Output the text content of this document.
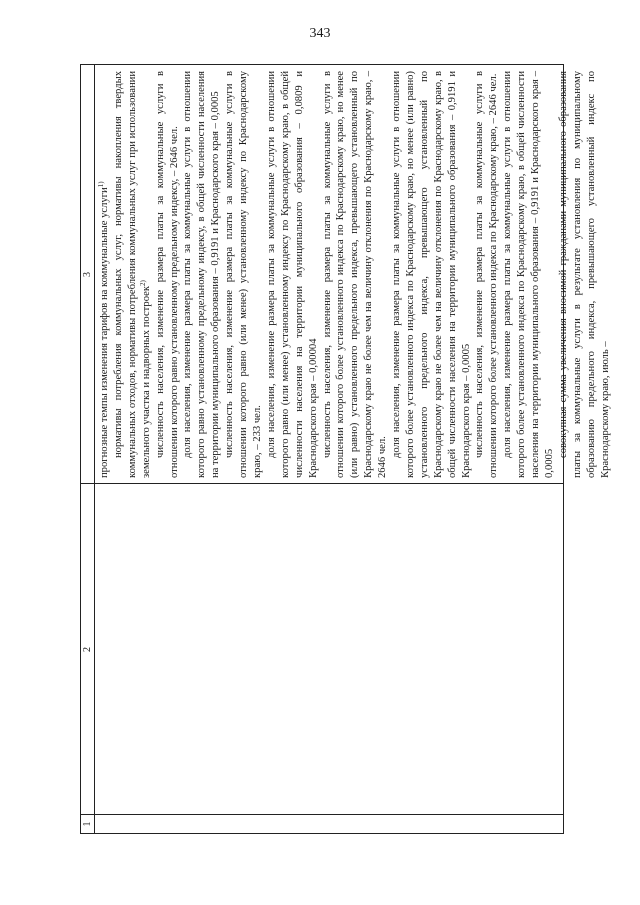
343
1
2
3 прогнозные темпы изменения тарифов на коммунальные услуги$^{1)}$ нормативы потребления коммунальных услуг, нормативы накопления твердых коммунальных отходов, нормативы потребления коммунальных услуг при использовании земельного участка и надворных построек$^{2)}$ численность населения, изменение размера платы за коммунальные услуги в отношении которого равно установленному предельному индексу, – 2646 чел. доля населения, изменение размера платы за коммунальные услуги в отношении которого равно установленному предельному индексу, в общей численности населения на территории муниципального образования – 0,9191 и Краснодарского края – 0,0005 численность населения, изменение размера платы за коммунальные услуги в отношении которого равно (или менее) установленному индексу по Краснодарскому краю, – 233 чел. доля населения, изменение размера платы за коммунальные услуги в отношении которого равно (или менее) установленному индексу по Краснодарскому краю, в общей численности населения на территории муниципального образования – 0,0809 и Краснодарского края – 0,00004 численность населения, изменение размера платы за коммунальные услуги в отношении которого более установленного индекса по Краснодарскому краю, но менее (или равно) установленного предельного индекса, превышающего установленный по Краснодарскому краю не более чем на величину отклонения по Краснодарскому краю, – 2646 чел. доля населения, изменение размера платы за коммунальные услуги в отношении которого более установленного индекса по Краснодарскому краю, но менее (или равно) установленного предельного индекса, превышающего установленный по Краснодарскому краю не более чем на величину отклонения по Краснодарскому краю, в общей численности населения на территории муниципального образования – 0,9191 и Краснодарского края – 0,0005 численность населения, изменение размера платы за коммунальные услуги в отношении которого более установленного индекса по Краснодарскому краю, – 2646 чел. доля населения, изменение размера платы за коммунальные услуги в отношении которого более установленного индекса по Краснодарскому краю, в общей численности населения на территории муниципального образования – 0,9191 и Краснодарского края – 0,0005

совокупная сумма увеличения вносимой гражданами муниципального образования платы за коммунальные услуги в результате установления по муниципальному образованию предельного индекса, превышающего установленный индекс по Краснодарскому краю, июль –
